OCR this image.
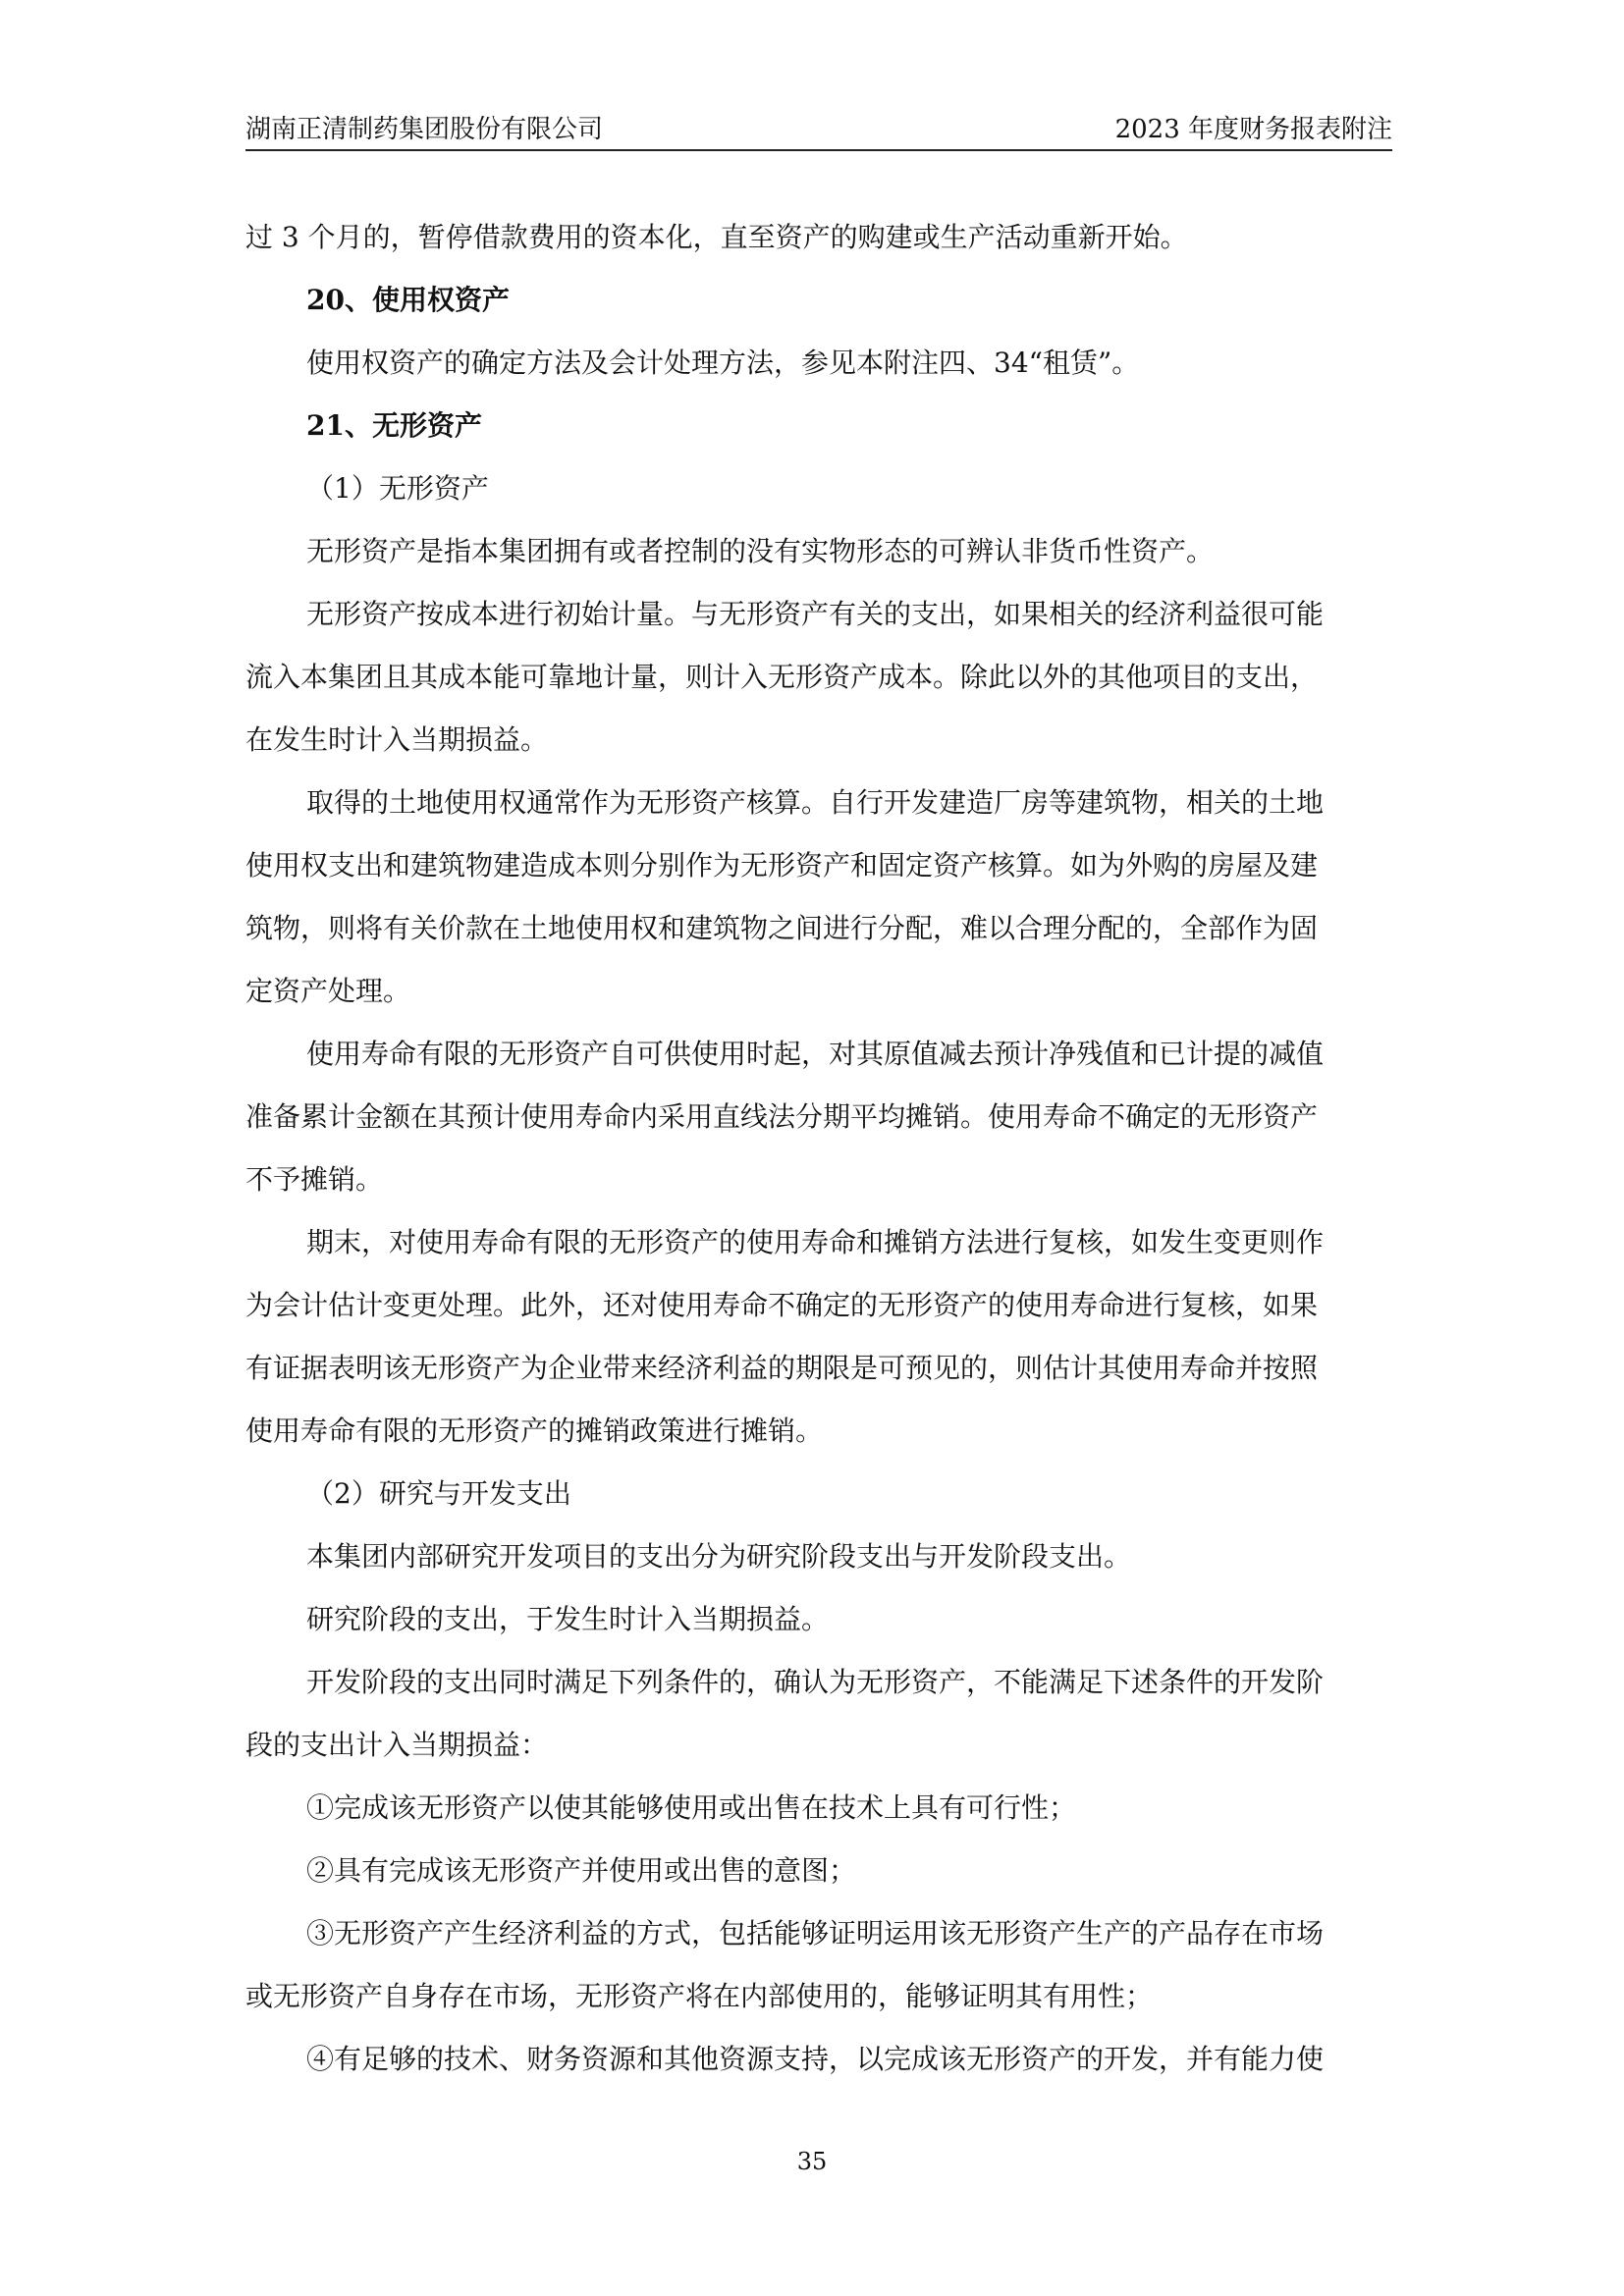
湖南正清制药集团股份有限公司	2023 年度财务报表附注
过 3 个月的，暂停借款费用的资本化，直至资产的购建或生产活动重新开始。
20、使用权资产
使用权资产的确定方法及会计处理方法，参见本附注四、34“租赁”。
21、无形资产
（1）无形资产
无形资产是指本集团拥有或者控制的没有实物形态的可辨认非货币性资产。
无形资产按成本进行初始计量。与无形资产有关的支出，如果相关的经济利益很可能
流入本集团且其成本能可靠地计量，则计入无形资产成本。除此以外的其他项目的支出，
在发生时计入当期损益。
取得的土地使用权通常作为无形资产核算。自行开发建造厂房等建筑物，相关的土地
使用权支出和建筑物建造成本则分别作为无形资产和固定资产核算。如为外购的房屋及建
筑物，则将有关价款在土地使用权和建筑物之间进行分配，难以合理分配的，全部作为固
定资产处理。
使用寿命有限的无形资产自可供使用时起，对其原值减去预计净残值和已计提的减值
准备累计金额在其预计使用寿命内采用直线法分期平均摊销。使用寿命不确定的无形资产
不予摊销。
期末，对使用寿命有限的无形资产的使用寿命和摊销方法进行复核，如发生变更则作
为会计估计变更处理。此外，还对使用寿命不确定的无形资产的使用寿命进行复核，如果
有证据表明该无形资产为企业带来经济利益的期限是可预见的，则估计其使用寿命并按照
使用寿命有限的无形资产的摊销政策进行摊销。
（2）研究与开发支出
本集团内部研究开发项目的支出分为研究阶段支出与开发阶段支出。
研究阶段的支出，于发生时计入当期损益。
开发阶段的支出同时满足下列条件的，确认为无形资产，不能满足下述条件的开发阶
段的支出计入当期损益：
①完成该无形资产以使其能够使用或出售在技术上具有可行性；
②具有完成该无形资产并使用或出售的意图；
③无形资产产生经济利益的方式，包括能够证明运用该无形资产生产的产品存在市场
或无形资产自身存在市场，无形资产将在内部使用的，能够证明其有用性；
④有足够的技术、财务资源和其他资源支持，以完成该无形资产的开发，并有能力使
35
